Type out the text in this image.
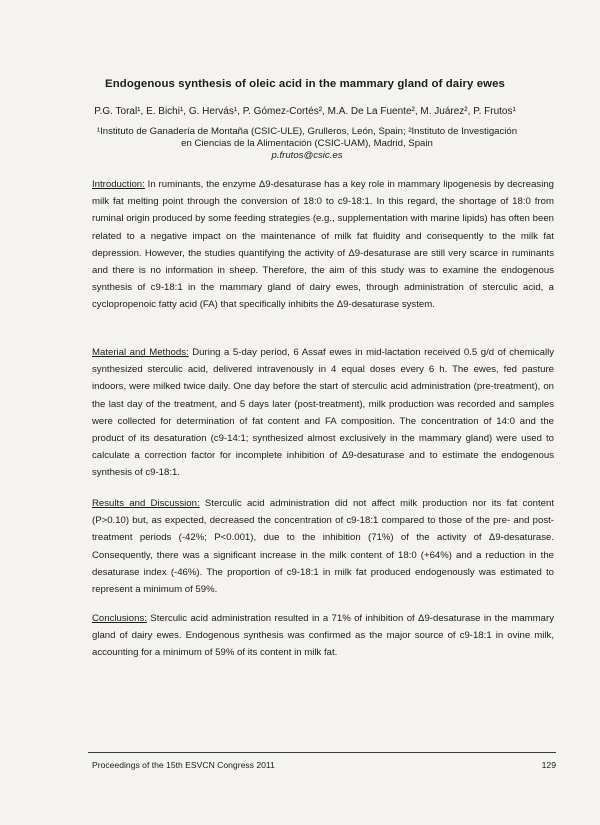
Endogenous synthesis of oleic acid in the mammary gland of dairy ewes
P.G. Toral¹, E. Bichi¹, G. Hervás¹, P. Gómez-Cortés², M.A. De La Fuente², M. Juárez², P. Frutos¹
¹Instituto de Ganadería de Montaña (CSIC-ULE), Grulleros, León, Spain; ²Instituto de Investigación en Ciencias de la Alimentación (CSIC-UAM), Madrid, Spain
p.frutos@csic.es
Introduction: In ruminants, the enzyme Δ9-desaturase has a key role in mammary lipogenesis by decreasing milk fat melting point through the conversion of 18:0 to c9-18:1. In this regard, the shortage of 18:0 from ruminal origin produced by some feeding strategies (e.g., supplementation with marine lipids) has often been related to a negative impact on the maintenance of milk fat fluidity and consequently to the milk fat depression. However, the studies quantifying the activity of Δ9-desaturase are still very scarce in ruminants and there is no information in sheep. Therefore, the aim of this study was to examine the endogenous synthesis of c9-18:1 in the mammary gland of dairy ewes, through administration of sterculic acid, a cyclopropenoic fatty acid (FA) that specifically inhibits the Δ9-desaturase system.
Material and Methods: During a 5-day period, 6 Assaf ewes in mid-lactation received 0.5 g/d of chemically synthesized sterculic acid, delivered intravenously in 4 equal doses every 6 h. The ewes, fed pasture indoors, were milked twice daily. One day before the start of sterculic acid administration (pre-treatment), on the last day of the treatment, and 5 days later (post-treatment), milk production was recorded and samples were collected for determination of fat content and FA composition. The concentration of 14:0 and the product of its desaturation (c9-14:1; synthesized almost exclusively in the mammary gland) were used to calculate a correction factor for incomplete inhibition of Δ9-desaturase and to estimate the endogenous synthesis of c9-18:1.
Results and Discussion: Sterculic acid administration did not affect milk production nor its fat content (P>0.10) but, as expected, decreased the concentration of c9-18:1 compared to those of the pre- and post-treatment periods (-42%; P<0.001), due to the inhibition (71%) of the activity of Δ9-desaturase. Consequently, there was a significant increase in the milk content of 18:0 (+64%) and a reduction in the desaturase index (-46%). The proportion of c9-18:1 in milk fat produced endogenously was estimated to represent a minimum of 59%.
Conclusions: Sterculic acid administration resulted in a 71% of inhibition of Δ9-desaturase in the mammary gland of dairy ewes. Endogenous synthesis was confirmed as the major source of c9-18:1 in ovine milk, accounting for a minimum of 59% of its content in milk fat.
Proceedings of the 15th ESVCN Congress 2011	129
